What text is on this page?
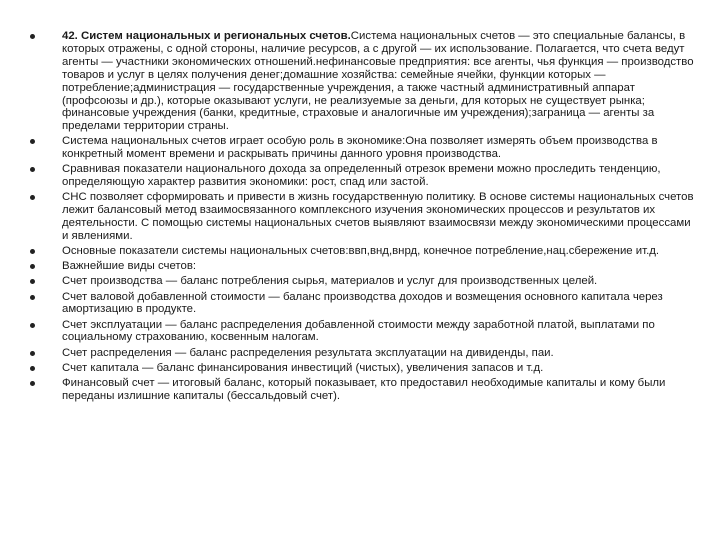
42. Систем национальных и региональных счетов.Система национальных счетов — это специальные балансы, в которых отражены, с одной стороны, наличие ресурсов, а с другой — их использование. Полагается, что счета ведут агенты — участники экономических отношений.нефинансовые предприятия: все агенты, чья функция — производство товаров и услуг в целях получения денег;домашние хозяйства: семейные ячейки, функции которых — потребление;администрация — государственные учреждения, а также частный административный аппарат (профсоюзы и др.), которые оказывают услуги, не реализуемые за деньги, для которых не существует рынка; финансовые учреждения (банки, кредитные, страховые и аналогичные им учреждения);заграница — агенты за пределами территории страны.
Система национальных счетов играет особую роль в экономике:Она позволяет измерять объем производства в конкретный момент времени и раскрывать причины данного уровня производства.
Сравнивая показатели национального дохода за определенный отрезок времени можно проследить тенденцию, определяющую характер развития экономики: рост, спад или застой.
СНС позволяет сформировать и привести в жизнь государственную политику. В основе системы национальных счетов лежит балансовый метод взаимосвязанного комплексного изучения экономических процессов и результатов их деятельности. С помощью системы национальных счетов выявляют взаимосвязи между экономическими процессами и явлениями.
Основные показатели системы национальных счетов:ввп,внд,внрд, конечное потребление,нац.сбережение ит.д.
Важнейшие виды счетов:
Счет производства — баланс потребления сырья, материалов и услуг для производственных целей.
Счет валовой добавленной стоимости — баланс производства доходов и возмещения основного капитала через амортизацию в продукте.
Счет эксплуатации — баланс распределения добавленной стоимости между заработной платой, выплатами по социальному страхованию, косвенным налогам.
Счет распределения — баланс распределения результата эксплуатации на дивиденды, паи.
Счет капитала — баланс финансирования инвестиций (чистых), увеличения запасов и т.д.
Финансовый счет — итоговый баланс, который показывает, кто предоставил необходимые капиталы и кому были переданы излишние капиталы (бессальдовый счет).
